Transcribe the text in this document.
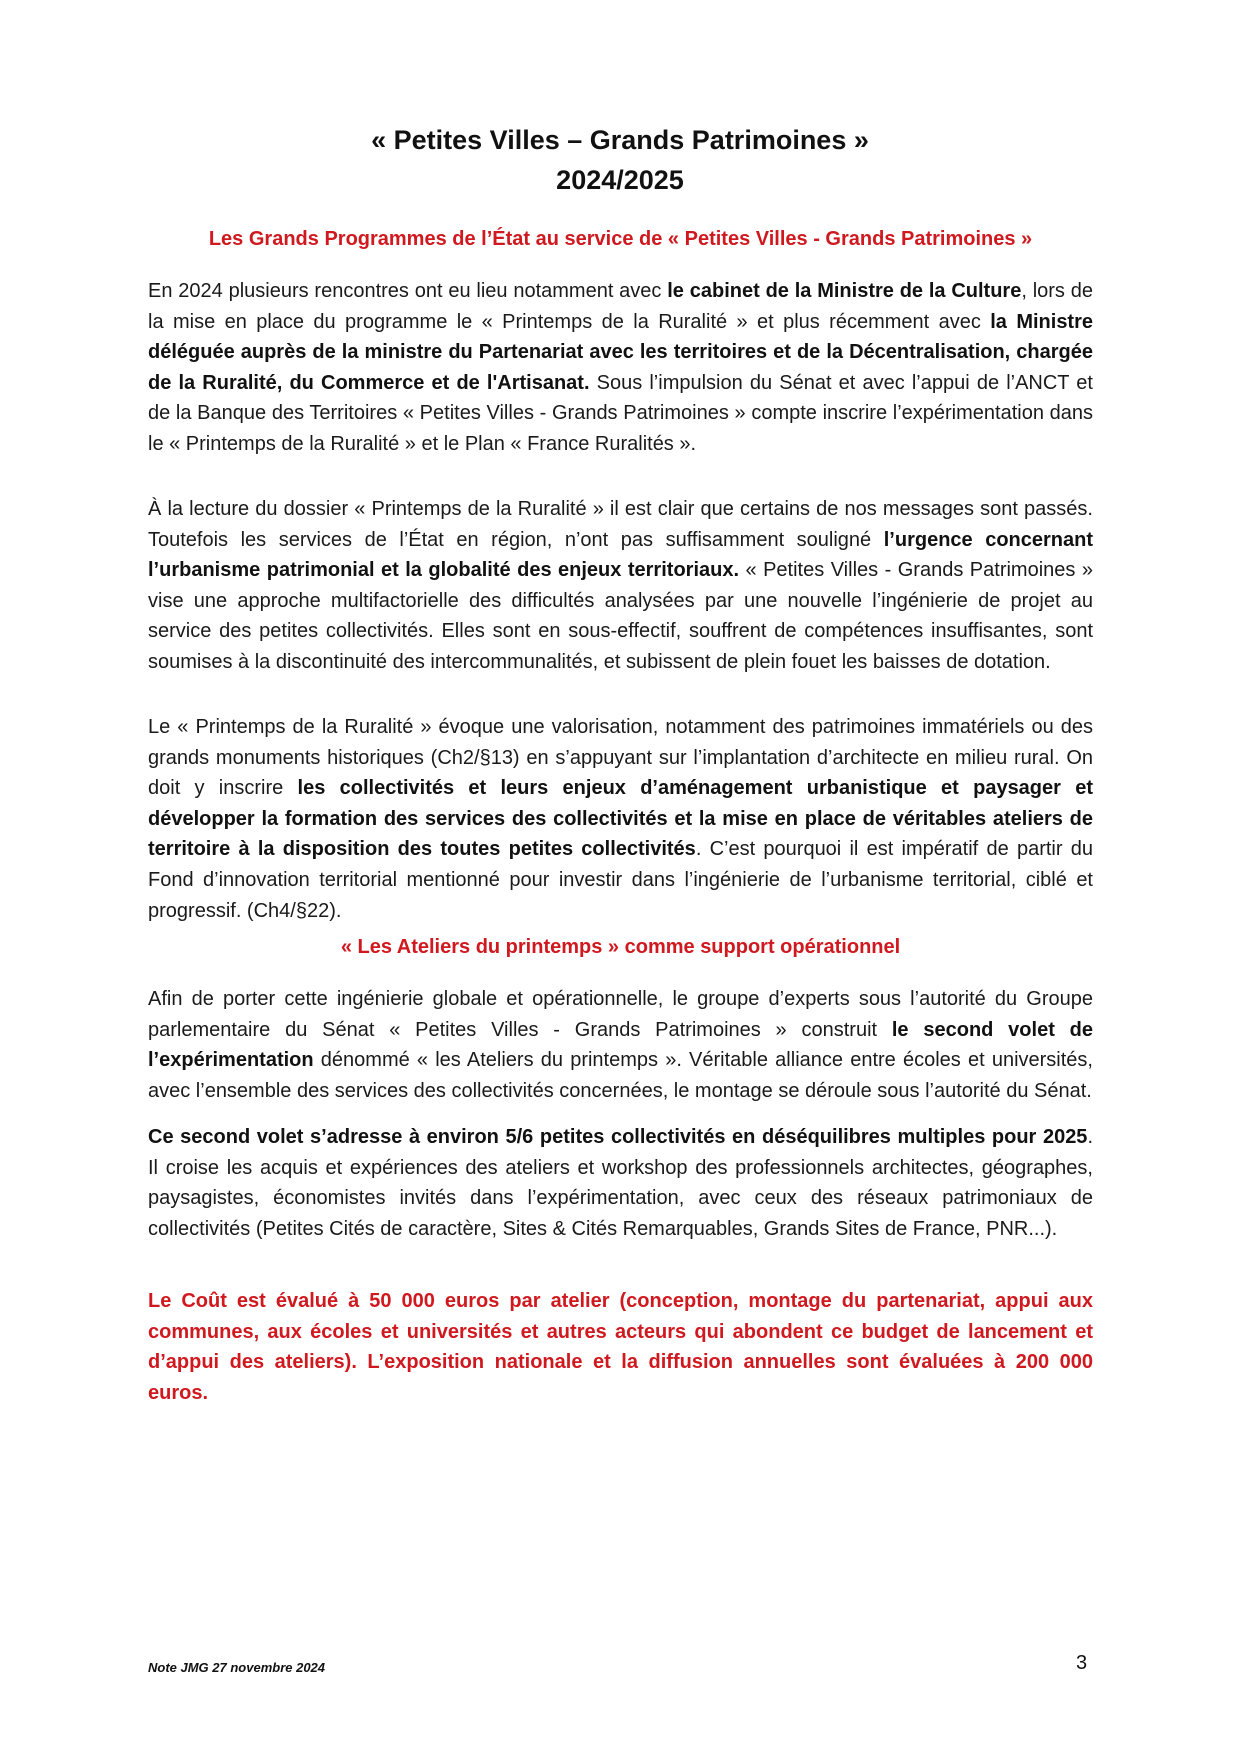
« Petites Villes – Grands Patrimoines »
2024/2025
Les Grands Programmes de l’État au service de « Petites Villes - Grands Patrimoines »

En 2024 plusieurs rencontres ont eu lieu notamment avec le cabinet de la Ministre de la Culture, lors de la mise en place du programme le « Printemps de la Ruralité » et plus récemment avec la Ministre déléguée auprès de la ministre du Partenariat avec les territoires et de la Décentralisation, chargée de la Ruralité, du Commerce et de l'Artisanat. Sous l’impulsion du Sénat et avec l’appui de l’ANCT et de la Banque des Territoires « Petites Villes - Grands Patrimoines » compte inscrire l’expérimentation dans le « Printemps de la Ruralité » et le Plan « France Ruralités ».

À la lecture du dossier « Printemps de la Ruralité » il est clair que certains de nos messages sont passés. Toutefois les services de l’État en région, n’ont pas suffisamment souligné l’urgence concernant l’urbanisme patrimonial et la globalité des enjeux territoriaux. « Petites Villes - Grands Patrimoines » vise une approche multifactorielle des difficultés analysées par une nouvelle l’ingénierie de projet au service des petites collectivités. Elles sont en sous-effectif, souffrent de compétences insuffisantes, sont soumises à la discontinuité des intercommunalités, et subissent de plein fouet les baisses de dotation.

Le « Printemps de la Ruralité » évoque une valorisation, notamment des patrimoines immatériels ou des grands monuments historiques (Ch2/§13) en s’appuyant sur l’implantation d’architecte en milieu rural. On doit y inscrire les collectivités et leurs enjeux d’aménagement urbanistique et paysager et développer la formation des services des collectivités et la mise en place de véritables ateliers de territoire à la disposition des toutes petites collectivités. C’est pourquoi il est impératif de partir du Fond d’innovation territorial mentionné pour investir dans l’ingénierie de l’urbanisme territorial, ciblé et progressif. (Ch4/§22).

« Les Ateliers du printemps » comme support opérationnel

Afin de porter cette ingénierie globale et opérationnelle, le groupe d’experts sous l’autorité du Groupe parlementaire du Sénat « Petites Villes - Grands Patrimoines » construit le second volet de l’expérimentation dénommé « les Ateliers du printemps ». Véritable alliance entre écoles et universités, avec l’ensemble des services des collectivités concernées, le montage se déroule sous l’autorité du Sénat.

Ce second volet s’adresse à environ 5/6 petites collectivités en déséquilibres multiples pour 2025. Il croise les acquis et expériences des ateliers et workshop des professionnels architectes, géographes, paysagistes, économistes invités dans l’expérimentation, avec ceux des réseaux patrimoniaux de collectivités (Petites Cités de caractère, Sites & Cités Remarquables, Grands Sites de France, PNR...).

Le Coût est évalué à 50 000 euros par atelier (conception, montage du partenariat, appui aux communes, aux écoles et universités et autres acteurs qui abondent ce budget de lancement et d’appui des ateliers). L’exposition nationale et la diffusion annuelles sont évaluées à 200 000 euros.

Note JMG 27 novembre 2024	3
